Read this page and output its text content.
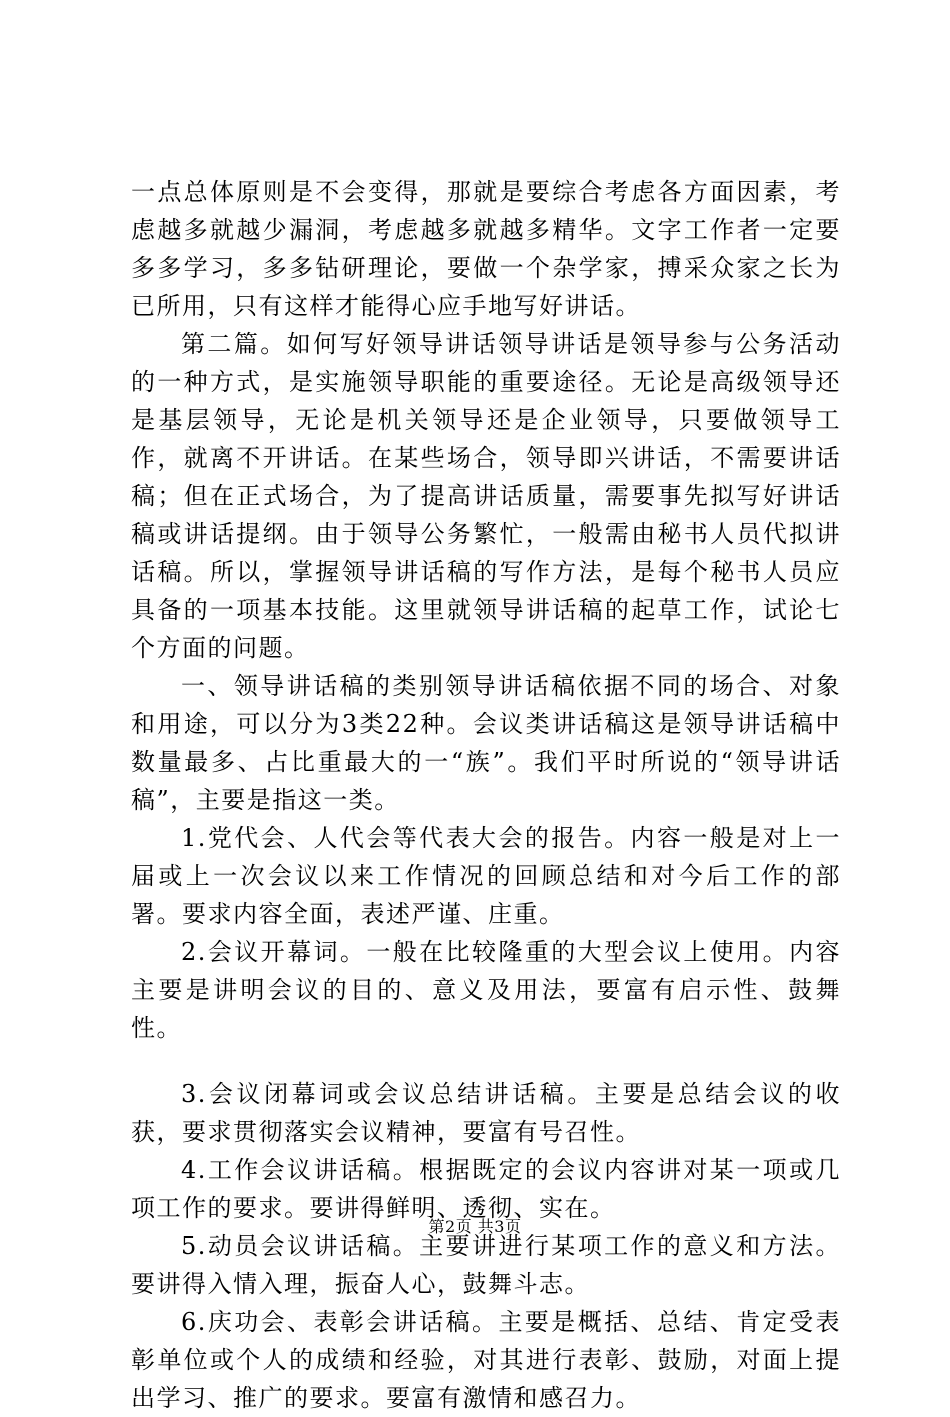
一点总体原则是不会变得，那就是要综合考虑各方面因素，考虑越多就越少漏洞，考虑越多就越多精华。文字工作者一定要多多学习，多多钻研理论，要做一个杂学家，搏采众家之长为已所用，只有这样才能得心应手地写好讲话。

第二篇。如何写好领导讲话领导讲话是领导参与公务活动的一种方式，是实施领导职能的重要途径。无论是高级领导还是基层领导，无论是机关领导还是企业领导，只要做领导工作，就离不开讲话。在某些场合，领导即兴讲话，不需要讲话稿；但在正式场合，为了提高讲话质量，需要事先拟写好讲话稿或讲话提纲。由于领导公务繁忙，一般需由秘书人员代拟讲话稿。所以，掌握领导讲话稿的写作方法，是每个秘书人员应具备的一项基本技能。这里就领导讲话稿的起草工作，试论七个方面的问题。

一、领导讲话稿的类别领导讲话稿依据不同的场合、对象和用途，可以分为3类22种。会议类讲话稿这是领导讲话稿中数量最多、占比重最大的一“族”。我们平时所说的“领导讲话稿”，主要是指这一类。

1.党代会、人代会等代表大会的报告。内容一般是对上一届或上一次会议以来工作情况的回顾总结和对今后工作的部署。要求内容全面，表述严谨、庄重。

2.会议开幕词。一般在比较隆重的大型会议上使用。内容主要是讲明会议的目的、意义及用法，要富有启示性、鼓舞性。

3.会议闭幕词或会议总结讲话稿。主要是总结会议的收获，要求贯彻落实会议精神，要富有号召性。

4.工作会议讲话稿。根据既定的会议内容讲对某一项或几项工作的要求。要讲得鲜明、透彻、实在。

5.动员会议讲话稿。主要讲进行某项工作的意义和方法。要讲得入情入理，振奋人心，鼓舞斗志。

6.庆功会、表彰会讲话稿。主要是概括、总结、肯定受表彰单位或个人的成绩和经验，对其进行表彰、鼓励，对面上提出学习、推广的要求。要富有激情和感召力。

第2页 共3页
